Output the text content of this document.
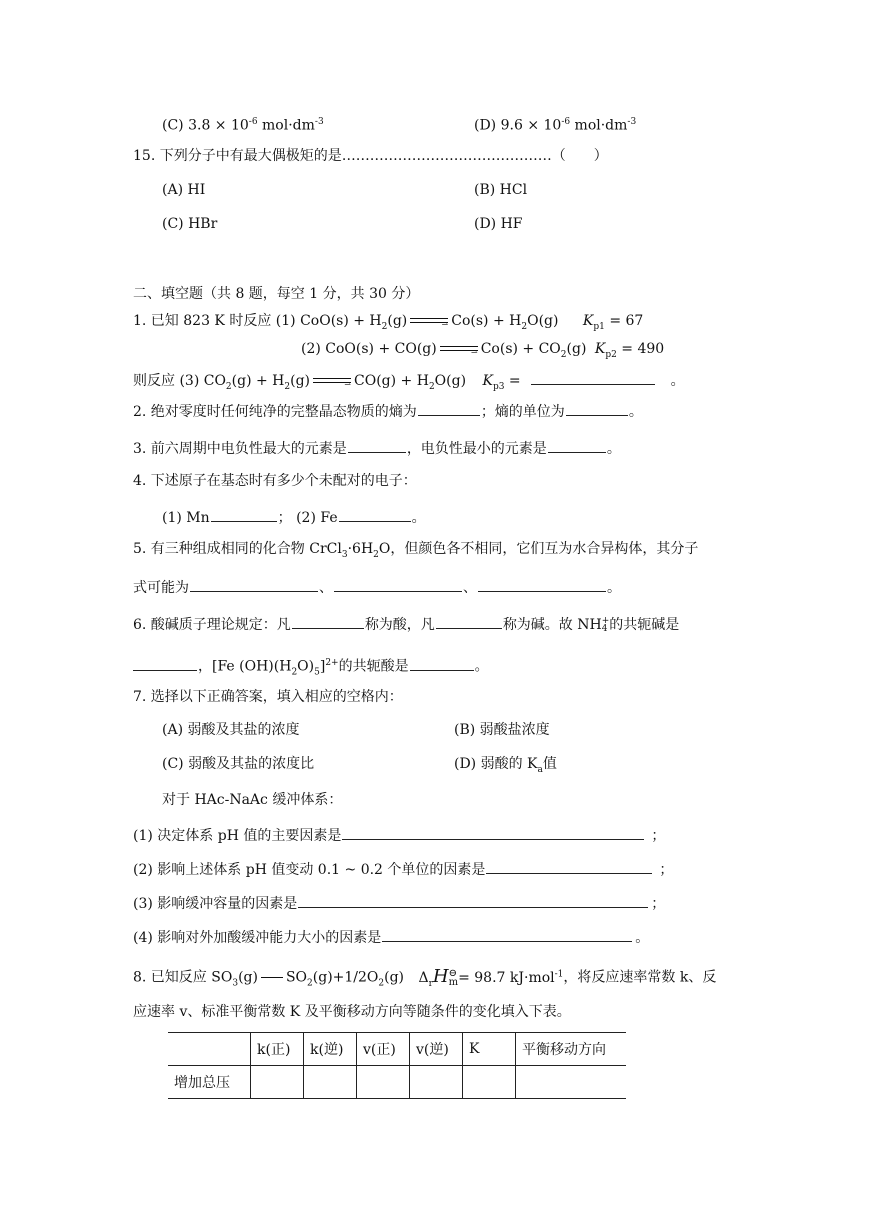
(C) $3.8 \times 10^{-6}$ $mol\cdot dm^{-3}$	(D) $9.6 \times 10^{-6}$ $mol\cdot dm^{-3}$
15. 下列分子中有最大偶极矩的是………………………………………（　　）
(A) HI	(B) HCl
(C) HBr	(D) HF
二、填空题（共 8 题，每空 1 分，共 30 分）
1. 已知 823 K 时反应 (1) $CoO(s) + H_2(g)$	⇀ $Co(s) + H_2O(g) K_{p1} = 67$
(2) CoO(s) + CO(g)	⇀ $Co(s) + CO_2(g) K_{p2} = 490$
则反应 (3) $CO_2(g) + H_2(g)$	⇀ $CO(g) + H_2O(g) K_{p3}$ =	。
2. 绝对零度时任何纯净的完整晶态物质的熵为	；熵的单位为	。
3. 前六周期中电负性最大的元素是	，电负性最小的元素是	。
4. 下述原子在基态时有多少个未配对的电子：
(1) Mn	； (2) Fe	。
5. 有三种组成相同的化合物 $CrCl_3\cdot 6H_2O$，但颜色各不相同，它们互为水合异构体，其分子
式可能为	、	、	。
6. 酸碱质子理论规定：凡	称为酸，凡	称为碱。故 NH +
4 的共轭碱是
，[Fe $(OH)(H_2O)_5]^{2+}$的共轭酸是	。
7. 选择以下正确答案，填入相应的空格内：
(A) 弱酸及其盐的浓度	(B) 弱酸盐浓度
(C) 弱酸及其盐的浓度比	(D) 弱酸的 $K_a$值
对于 HAc-NaAc 缓冲体系：
(1) 决定体系 pH 值的主要因素是	；
(2) 影响上述体系 pH 值变动 0.1 ~ 0.2 个单位的因素是	；
(3) 影响缓冲容量的因素是	；
(4) 影响对外加酸缓冲能力大小的因素是	。
8. 已知反应 $SO_3(g)$ $SO_2(g)+1/2O_2(g)$ $\Delta_rH$ ⊖
m = 98.7 kJ·mol$^{-1}$，将反应速率常数 k、反
应速率 v、标准平衡常数 K 及平衡移动方向等随条件的变化填入下表。
	k(正)	k(逆)	v(正)	v(逆)	K	平衡移动方向
增加总压						
